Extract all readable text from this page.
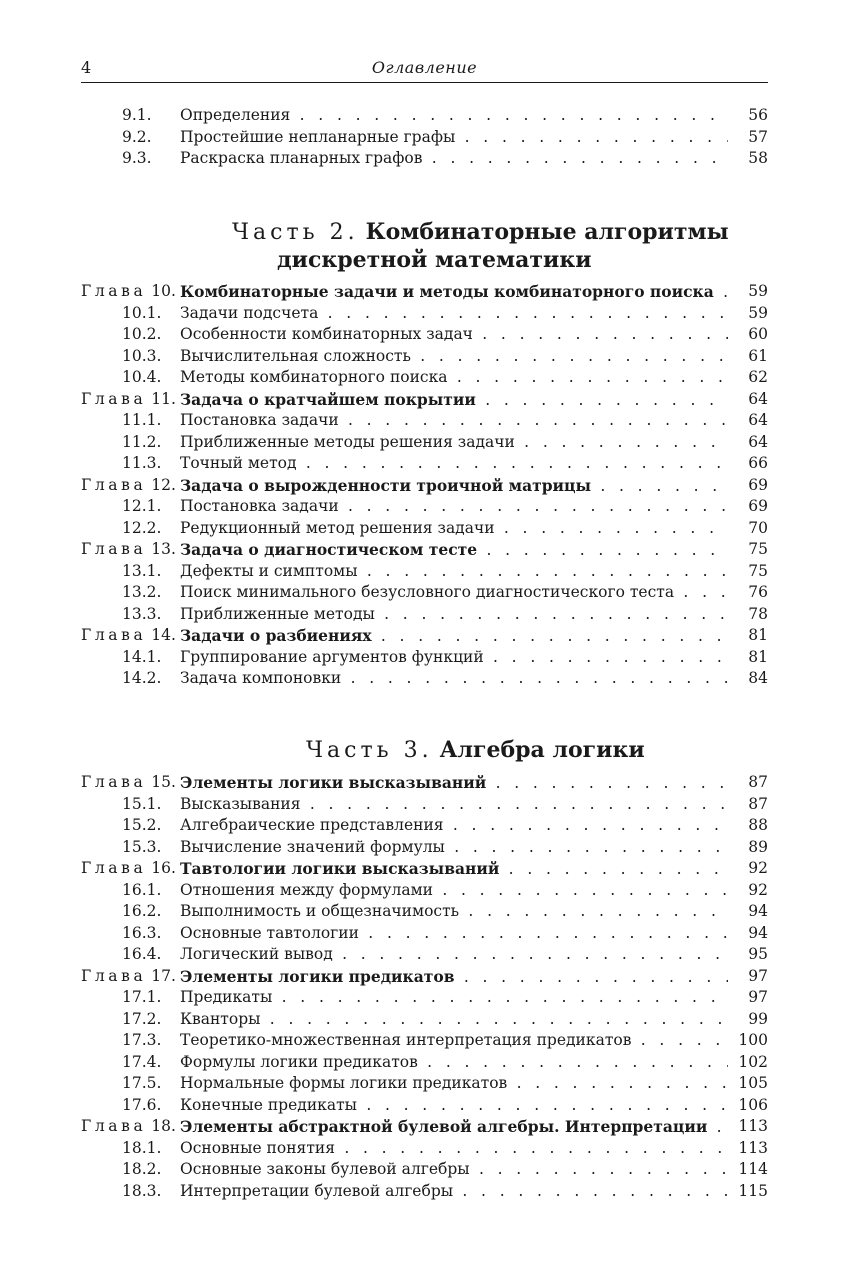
4	Оглавление
9.1. Определения . . .	56
9.2. Простейшие непланарные графы . . .	57
9.3. Раскраска планарных графов . . .	58
Часть 2. Комбинаторные алгоритмы
дискретной математики
Глава 10. Комбинаторные задачи и методы комбинаторного поиска . . .	59
10.1. Задачи подсчета . . .	59
10.2. Особенности комбинаторных задач . . .	60
10.3. Вычислительная сложность . . .	61
10.4. Методы комбинаторного поиска . . .	62
Глава 11. Задача о кратчайшем покрытии . . .	64
11.1. Постановка задачи . . .	64
11.2. Приближенные методы решения задачи . . .	64
11.3. Точный метод . . .	66
Глава 12. Задача о вырожденности троичной матрицы . . .	69
12.1. Постановка задачи . . .	69
12.2. Редукционный метод решения задачи . . .	70
Глава 13. Задача о диагностическом тесте . . .	75
13.1. Дефекты и симптомы . . .	75
13.2. Поиск минимального безусловного диагностического теста . . .	76
13.3. Приближенные методы . . .	78
Глава 14. Задачи о разбиениях . . .	81
14.1. Группирование аргументов функций . . .	81
14.2. Задача компоновки . . .	84
Часть 3. Алгебра логики
Глава 15. Элементы логики высказываний . . .	87
15.1. Высказывания . . .	87
15.2. Алгебраические представления . . .	88
15.3. Вычисление значений формулы . . .	89
Глава 16. Тавтологии логики высказываний . . .	92
16.1. Отношения между формулами . . .	92
16.2. Выполнимость и общезначимость . . .	94
16.3. Основные тавтологии . . .	94
16.4. Логический вывод . . .	95
Глава 17. Элементы логики предикатов . . .	97
17.1. Предикаты . . .	97
17.2. Кванторы . . .	99
17.3. Теоретико-множественная интерпретация предикатов . . .	100
17.4. Формулы логики предикатов . . .	102
17.5. Нормальные формы логики предикатов . . .	105
17.6. Конечные предикаты . . .	106
Глава 18. Элементы абстрактной булевой алгебры. Интерпретации . . .	113
18.1. Основные понятия . . .	113
18.2. Основные законы булевой алгебры . . .	114
18.3. Интерпретации булевой алгебры . . .	115
